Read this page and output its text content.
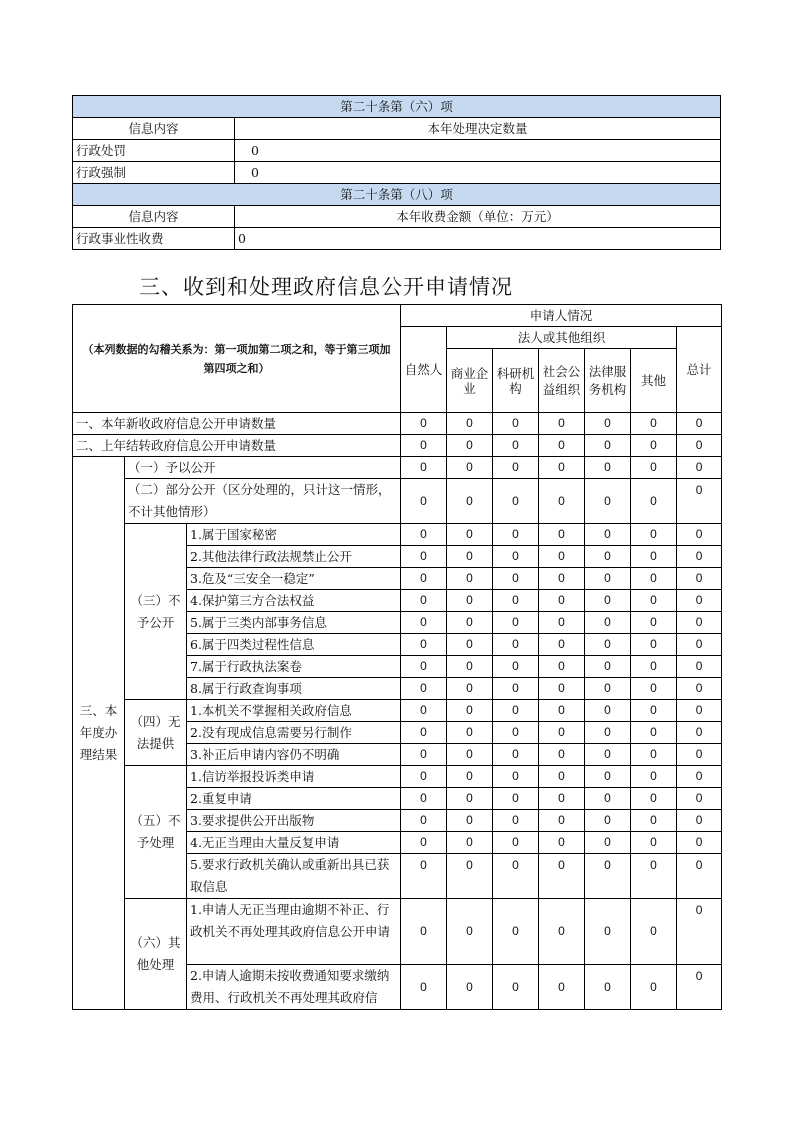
第二十条第（六）项	
信息内容	本年处理决定数量
行政处罚	0
行政强制	0
第二十条第（八）项	
信息内容	本年收费金额（单位：万元）
行政事业性收费	0
三、收到和处理政府信息公开申请情况
（本列数据的勾稽关系为：第一项加第二项之和，等于第三项加第四项之和）			申请人情况						
			自然人	法人或其他组织					总计
				商业企业	科研机构	社会公益组织	法律服务机构	其他	
一、本年新收政府信息公开申请数量			0	0	0	0	0	0	0
二、上年结转政府信息公开申请数量			0	0	0	0	0	0	0
三、本年度办理结果	（一）予以公开		0	0	0	0	0	0	0
	（二）部分公开（区分处理的，只计这一情形，不计其他情形）		0	0	0	0	0	0	0
	（三）不予公开	1.属于国家秘密	0	0	0	0	0	0	0
		2.其他法律行政法规禁止公开	0	0	0	0	0	0	0
		3.危及“三安全一稳定”	0	0	0	0	0	0	0
		4.保护第三方合法权益	0	0	0	0	0	0	0
		5.属于三类内部事务信息	0	0	0	0	0	0	0
		6.属于四类过程性信息	0	0	0	0	0	0	0
		7.属于行政执法案卷	0	0	0	0	0	0	0
		8.属于行政查询事项	0	0	0	0	0	0	0
	（四）无法提供	1.本机关不掌握相关政府信息	0	0	0	0	0	0	0
		2.没有现成信息需要另行制作	0	0	0	0	0	0	0
		3.补正后申请内容仍不明确	0	0	0	0	0	0	0
	（五）不予处理	1.信访举报投诉类申请	0	0	0	0	0	0	0
		2.重复申请	0	0	0	0	0	0	0
		3.要求提供公开出版物	0	0	0	0	0	0	0
		4.无正当理由大量反复申请	0	0	0	0	0	0	0
		5.要求行政机关确认或重新出具已获取信息	0	0	0	0	0	0	0
	（六）其他处理	1.申请人无正当理由逾期不补正、行政机关不再处理其政府信息公开申请	0	0	0	0	0	0	0
		2.申请人逾期未按收费通知要求缴纳费用、行政机关不再处理其政府信	0	0	0	0	0	0	0
